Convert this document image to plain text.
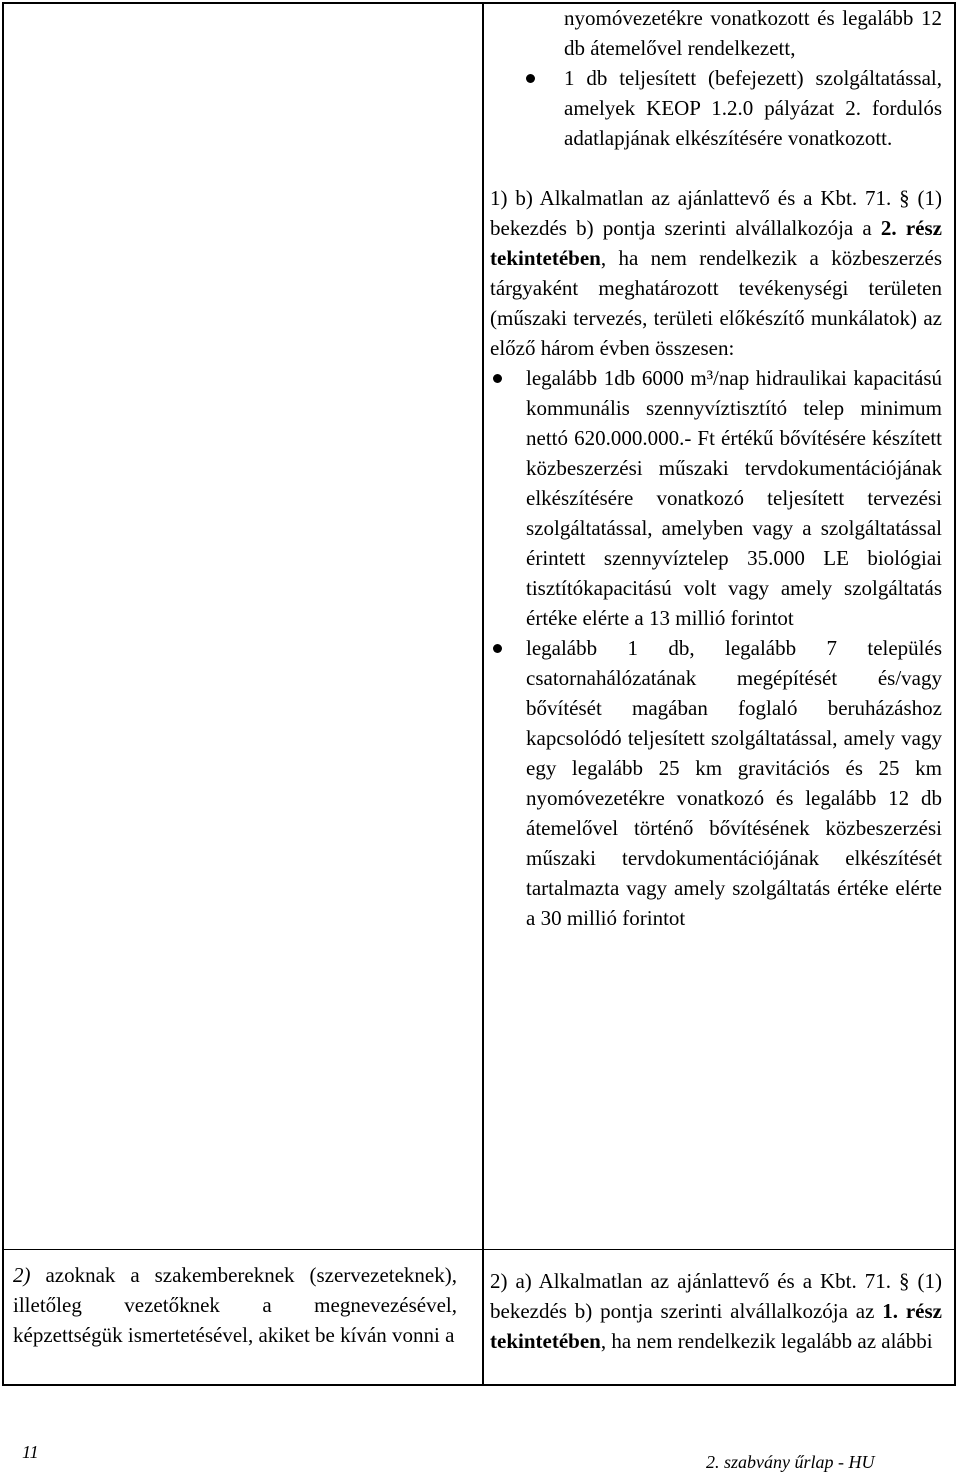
nyomóvezetékre vonatkozott és legalább 12 db átemelővel rendelkezett,

1 db teljesített (befejezett) szolgáltatással, amelyek KEOP 1.2.0 pályázat 2. fordulós adatlapjának elkészítésére vonatkozott.

1) b) Alkalmatlan az ajánlattevő és a Kbt. 71. § (1) bekezdés b) pontja szerinti alvállalkozója a 2. rész tekintetében, ha nem rendelkezik a közbeszerzés tárgyaként meghatározott tevékenységi területen (műszaki tervezés, területi előkészítő munkálatok) az előző három évben összesen:

legalább 1db 6000 m³/nap hidraulikai kapacitású kommunális szennyvíztisztító telep minimum nettó 620.000.000.- Ft értékű bővítésére készített közbeszerzési műszaki tervdokumentációjának elkészítésére vonatkozó teljesített tervezési szolgáltatással, amelyben vagy a szolgáltatással érintett szennyvíztelep 35.000 LE biológiai tisztítókapacitású volt vagy amely szolgáltatás értéke elérte a 13 millió forintot
legalább 1 db, legalább 7 település csatornahálózatának megépítését és/vagy bővítését magában foglaló beruházáshoz kapcsolódó teljesített szolgáltatással, amely vagy egy legalább 25 km gravitációs és 25 km nyomóvezetékre vonatkozó és legalább 12 db átemelővel történő bővítésének közbeszerzési műszaki tervdokumentációjának elkészítését tartalmazta vagy amely szolgáltatás értéke elérte a 30 millió forintot

2) a) Alkalmatlan az ajánlattevő és a Kbt. 71. § (1) bekezdés b) pontja szerinti alvállalkozója az 1. rész tekintetében, ha nem rendelkezik legalább az alábbi

2) azoknak a szakembereknek (szervezeteknek), illetőleg vezetőknek a megnevezésével, képzettségük ismertetésével, akiket be kíván vonni a

11	2. szabvány űrlap - HU
